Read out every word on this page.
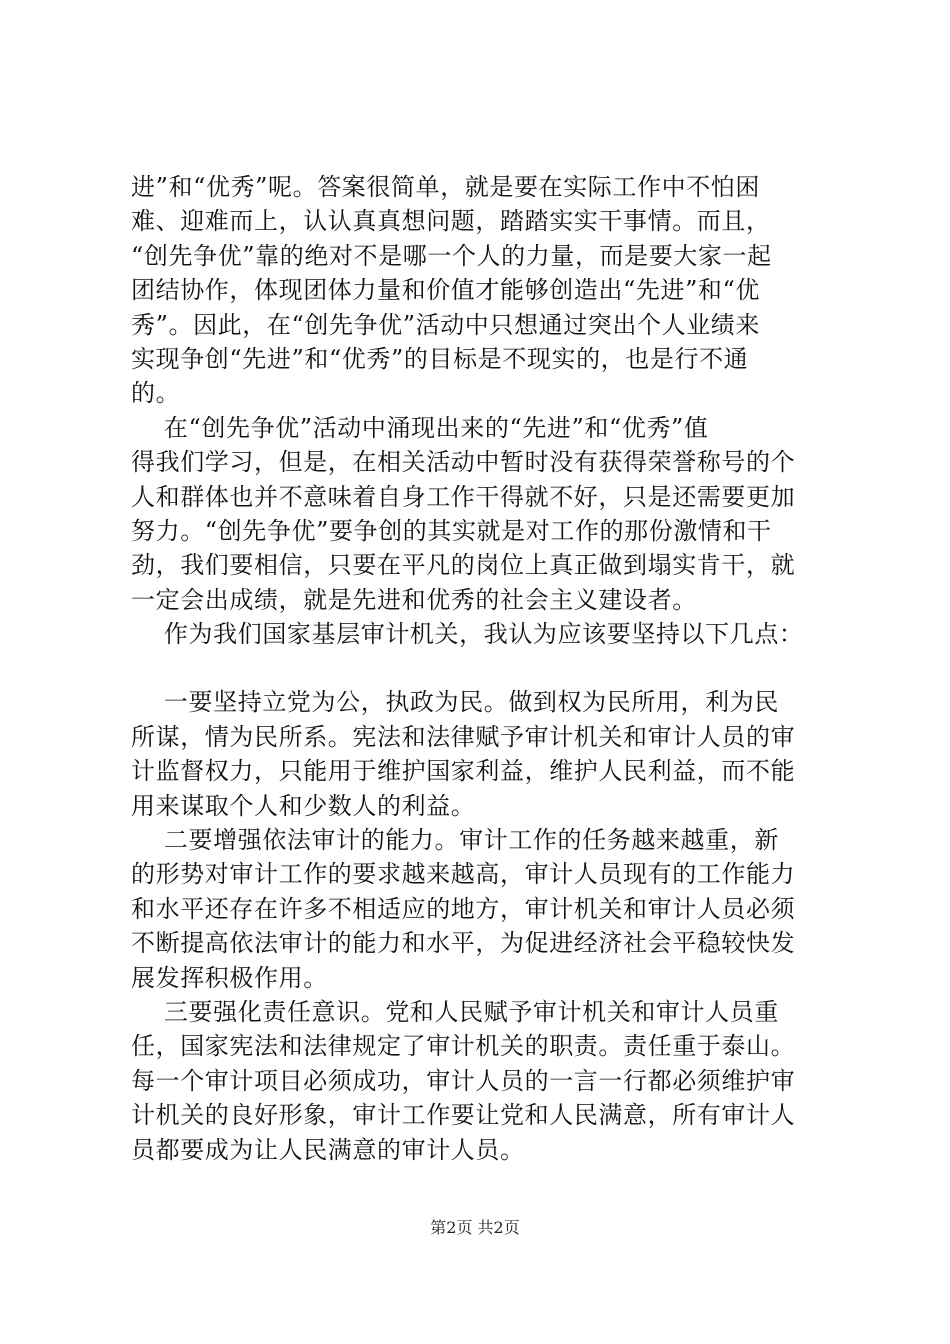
进”和“优秀”呢。答案很简单，就是要在实际工作中不怕困
难、迎难而上，认认真真想问题，踏踏实实干事情。而且，
“创先争优”靠的绝对不是哪一个人的力量，而是要大家一起
团结协作，体现团体力量和价值才能够创造出“先进”和“优
秀”。因此，在“创先争优”活动中只想通过突出个人业绩来
实现争创“先进”和“优秀”的目标是不现实的，也是行不通
的。
在“创先争优”活动中涌现出来的“先进”和“优秀”值
得我们学习，但是，在相关活动中暂时没有获得荣誉称号的个
人和群体也并不意味着自身工作干得就不好，只是还需要更加
努力。“创先争优”要争创的其实就是对工作的那份激情和干
劲，我们要相信，只要在平凡的岗位上真正做到塌实肯干，就
一定会出成绩，就是先进和优秀的社会主义建设者。
作为我们国家基层审计机关，我认为应该要坚持以下几点：
一要坚持立党为公，执政为民。做到权为民所用，利为民
所谋，情为民所系。宪法和法律赋予审计机关和审计人员的审
计监督权力，只能用于维护国家利益，维护人民利益，而不能
用来谋取个人和少数人的利益。
二要增强依法审计的能力。审计工作的任务越来越重，新
的形势对审计工作的要求越来越高，审计人员现有的工作能力
和水平还存在许多不相适应的地方，审计机关和审计人员必须
不断提高依法审计的能力和水平，为促进经济社会平稳较快发
展发挥积极作用。
三要强化责任意识。党和人民赋予审计机关和审计人员重
任，国家宪法和法律规定了审计机关的职责。责任重于泰山。
每一个审计项目必须成功，审计人员的一言一行都必须维护审
计机关的良好形象，审计工作要让党和人民满意，所有审计人
员都要成为让人民满意的审计人员。
第2页 共2页
